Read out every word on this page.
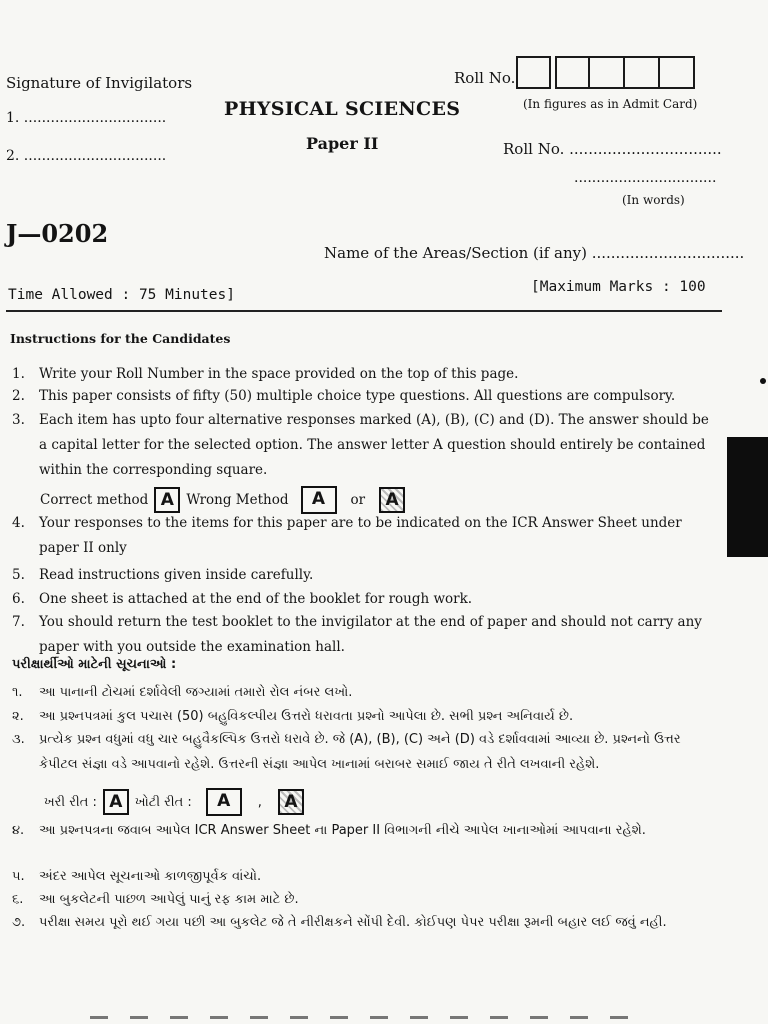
Signature of Invigilators
1. ................................
2. ................................
PHYSICAL SCIENCES
Paper II
Roll No.
(In figures as in Admit Card)
Roll No. ................................
................................
(In words)
J—0202
Name of the Areas/Section (if any) ................................
Time Allowed : 75 Minutes]	[Maximum Marks : 100
Instructions for the Candidates
1.	Write your Roll Number in the space provided on the top of this page.
2.	This paper consists of fifty (50) multiple choice type questions. All questions are compulsory.
3.	Each item has upto four alternative responses marked (A), (B), (C) and (D). The answer should be a capital letter for the selected option. The answer letter A question should entirely be contained within the corresponding square.
Correct method A Wrong Method	A	or	A
4.	Your responses to the items for this paper are to be indicated on the ICR Answer Sheet under paper II only
5.	Read instructions given inside carefully.
6.	One sheet is attached at the end of the booklet for rough work.
7.	You should return the test booklet to the invigilator at the end of paper and should not carry any paper with you outside the examination hall.
પરીક્ષાર્થીઓ માટેની સૂચનાઓ :
૧.	આ પાનાની ટોચમાં દર્શાવેલી જગ્યામાં તમારો રોલ નંબર લખો.
૨.	આ પ્રશ્નપત્રમાં કુલ પચાસ (50) બહુવિકલ્પીય ઉત્તરો ધરાવતા પ્રશ્નો આપેલા છે. સભી પ્રશ્ન અનિવાર્ય છે.
૩.	પ્રત્યેક પ્રશ્ન વધુમાં વધુ ચાર બહુવૈકલ્પિક ઉત્તરો ધરાવે છે. જે (A), (B), (C) અને (D) વડે દર્શાવવામાં આવ્યા છે. પ્રશ્નનો ઉત્તર કેપીટલ સંજ્ઞા વડે આપવાનો રહેશે. ઉત્તરની સંજ્ઞા આપેલ ખાનામાં બરાબર સમાઈ જાય તે રીતે લખવાની રહેશે.
ખરી રીત : A ખોટી રીત :	A	,	A
૪.	આ પ્રશ્નપત્રના જવાબ આપેલ ICR Answer Sheet ના Paper II વિભાગની નીચે આપેલ ખાનાઓમાં આપવાના રહેશે.
૫.	અંદર આપેલ સૂચનાઓ કાળજીપૂર્વક વાંચો.
૬.	આ બુકલેટની પાછળ આપેલું પાનું રફ કામ માટે છે.
૭.	પરીક્ષા સમય પૂરો થઈ ગયા પછી આ બુકલેટ જે તે નીરીક્ષકને સોંપી દેવી. કોઈપણ પેપર પરીક્ષા રૂમની બહાર લઈ જવું નહી.
